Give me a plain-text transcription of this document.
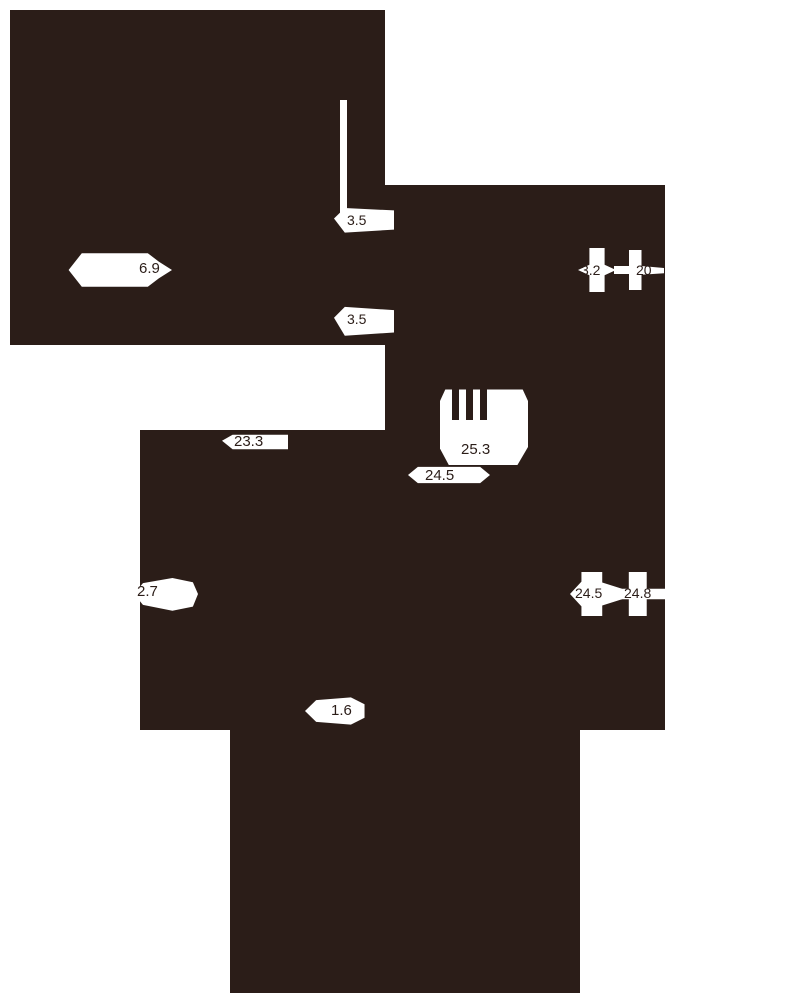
3.5
6.9	3.2	20
3.5
23.3	25.3
24.5
2.7	24.5 24.8
1.6
